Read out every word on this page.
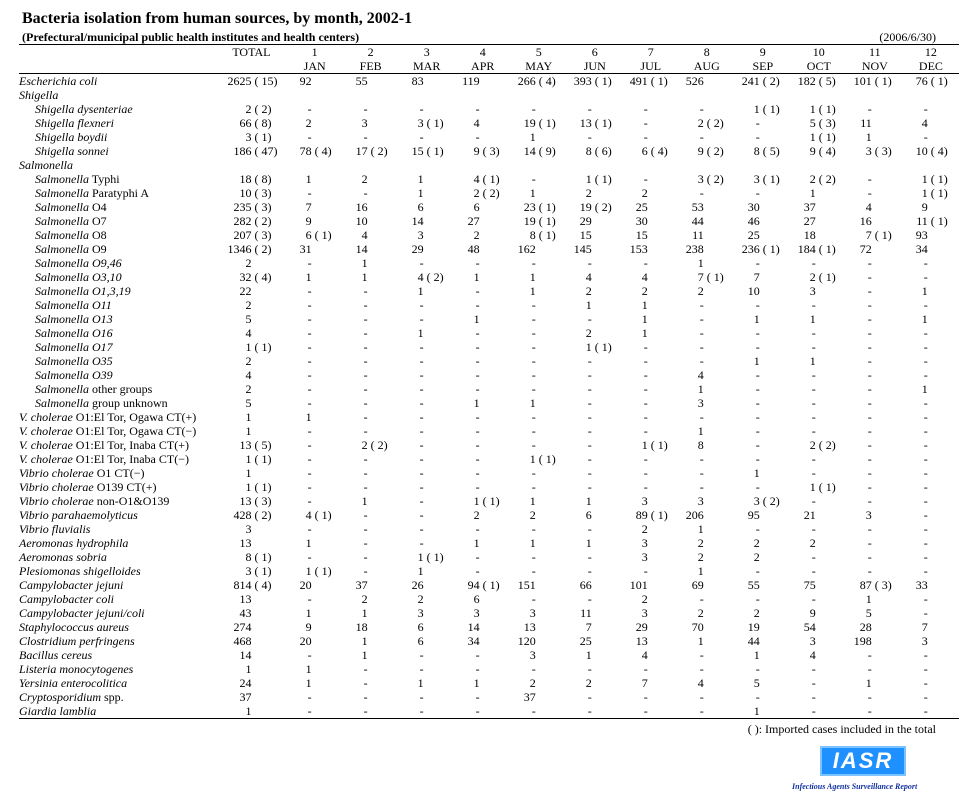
Bacteria isolation from human sources, by month, 2002-1
(Prefectural/municipal public health institutes and health centers)	(2006/6/30)
	TOTAL		1		2		3		4		5		6		7		8		9		10		11		12	
			JAN		FEB		MAR		APR		MAY		JUN		JUL		AUG		SEP		OCT		NOV		DEC	
Escherichia coli	2625	( 15)	92		55		83		119		266	( 4)	393	( 1)	491	( 1)	526		241	( 2)	182	( 5)	101	( 1)	76	( 1)
Shigella																										
Shigella dysenteriae	2	( 2)	-		-		-		-		-		-		-		-		1	( 1)	1	( 1)	-		-	
Shigella flexneri	66	( 8)	2		3		3	( 1)	4		19	( 1)	13	( 1)	-		2	( 2)	-		5	( 3)	11		4	
Shigella boydii	3	( 1)	-		-		-		-		1		-		-		-		-		1	( 1)	1		-	
Shigella sonnei	186	( 47)	78	( 4)	17	( 2)	15	( 1)	9	( 3)	14	( 9)	8	( 6)	6	( 4)	9	( 2)	8	( 5)	9	( 4)	3	( 3)	10	( 4)
Salmonella																										
Salmonella Typhi	18	( 8)	1		2		1		4	( 1)	-		1	( 1)	-		3	( 2)	3	( 1)	2	( 2)	-		1	( 1)
Salmonella Paratyphi A	10	( 3)	-		-		1		2	( 2)	1		2		2		-		-		1		-		1	( 1)
Salmonella O4	235	( 3)	7		16		6		6		23	( 1)	19	( 2)	25		53		30		37		4		9	
Salmonella O7	282	( 2)	9		10		14		27		19	( 1)	29		30		44		46		27		16		11	( 1)
Salmonella O8	207	( 3)	6	( 1)	4		3		2		8	( 1)	15		15		11		25		18		7	( 1)	93	
Salmonella O9	1346	( 2)	31		14		29		48		162		145		153		238		236	( 1)	184	( 1)	72		34	
Salmonella O9,46	2		-		1		-		-		-		-		-		1		-		-		-		-	
Salmonella O3,10	32	( 4)	1		1		4	( 2)	1		1		4		4		7	( 1)	7		2	( 1)	-		-	
Salmonella O1,3,19	22		-		-		1		-		1		2		2		2		10		3		-		1	
Salmonella O11	2		-		-		-		-		-		1		1		-		-		-		-		-	
Salmonella O13	5		-		-		-		1		-		-		1		-		1		1		-		1	
Salmonella O16	4		-		-		1		-		-		2		1		-		-		-		-		-	
Salmonella O17	1	( 1)	-		-		-		-		-		1	( 1)	-		-		-		-		-		-	
Salmonella O35	2		-		-		-		-		-		-		-		-		1		1		-		-	
Salmonella O39	4		-		-		-		-		-		-		-		4		-		-		-		-	
Salmonella other groups	2		-		-		-		-		-		-		-		1		-		-		-		1	
Salmonella group unknown	5		-		-		-		1		1		-		-		3		-		-		-		-	
V. cholerae O1:El Tor, Ogawa CT(+)	1		1		-		-		-		-		-		-		-		-		-		-		-	
V. cholerae O1:El Tor, Ogawa CT(−)	1		-		-		-		-		-		-		-		1		-		-		-		-	
V. cholerae O1:El Tor, Inaba CT(+)	13	( 5)	-		2	( 2)	-		-		-		-		1	( 1)	8		-		2	( 2)	-		-	
V. cholerae O1:El Tor, Inaba CT(−)	1	( 1)	-		-		-		-		1	( 1)	-		-		-		-		-		-		-	
Vibrio cholerae O1 CT(−)	1		-		-		-		-		-		-		-		-		1		-		-		-	
Vibrio cholerae O139 CT(+)	1	( 1)	-		-		-		-		-		-		-		-		-		1	( 1)	-		-	
Vibrio cholerae non-O1&O139	13	( 3)	-		1		-		1	( 1)	1		1		3		3		3	( 2)	-		-		-	
Vibrio parahaemolyticus	428	( 2)	4	( 1)	-		-		2		2		6		89	( 1)	206		95		21		3		-	
Vibrio fluvialis	3		-		-		-		-		-		-		2		1		-		-		-		-	
Aeromonas hydrophila	13		1		-		-		1		1		1		3		2		2		2		-		-	
Aeromonas sobria	8	( 1)	-		-		1	( 1)	-		-		-		3		2		2		-		-		-	
Plesiomonas shigelloides	3	( 1)	1	( 1)	-		1		-		-		-		-		1		-		-		-		-	
Campylobacter jejuni	814	( 4)	20		37		26		94	( 1)	151		66		101		69		55		75		87	( 3)	33	
Campylobacter coli	13		-		2		2		6		-		-		2		-		-		-		1		-	
Campylobacter jejuni/coli	43		1		1		3		3		3		11		3		2		2		9		5		-	
Staphylococcus aureus	274		9		18		6		14		13		7		29		70		19		54		28		7	
Clostridium perfringens	468		20		1		6		34		120		25		13		1		44		3		198		3	
Bacillus cereus	14		-		1		-		-		3		1		4		-		1		4		-		-	
Listeria monocytogenes	1		1		-		-		-		-		-		-		-		-		-		-		-	
Yersinia enterocolitica	24		1		-		1		1		2		2		7		4		5		-		1		-	
Cryptosporidium spp.	37		-		-		-		-		37		-		-		-		-		-		-		-	
Giardia lamblia	1		-		-		-		-		-		-		-		-		1		-		-		-	
( ): Imported cases included in the total
IASR
Infectious Agents Surveillance Report
